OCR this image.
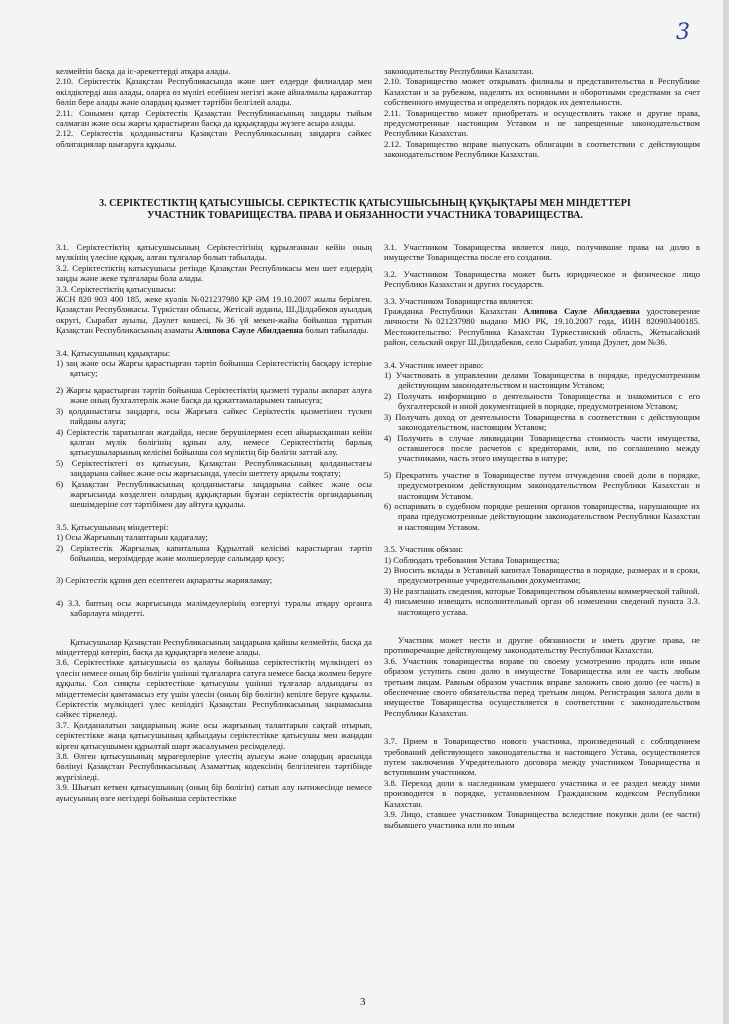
3

келмейтін басқа да іс-әрекеттерді атқара алады.

2.10. Серіктестік Қазақстан Республикасында және шет елдерде филиалдар мен өкілдіктерді аша алады, оларға өз мүлігі есебінен негізгі және айналмалы қаражаттар бөліп бере алады және олардың қызмет тәртібін белгілей алады.

2.11. Сонымен қатар Серіктестік Қазақстан Республикасының заңдары тыйым салмаған және осы жарғы қарастырған басқа да құқықтарды жүзеге асыра алады.

2.12. Серіктестік қолданыстағы Қазақстан Республикасының заңдарға сәйкес облигациялар шығаруға құқылы.

законодательству Республики Казахстан.

2.10. Товарищество может открывать филиалы и представительства в Республике Казахстан и за рубежом, наделять их основными и оборотными средствами за счет собственного имущества и определять порядок их деятельности.

2.11. Товарищество может приобретать и осуществлять также и другие права, предусмотренные настоящим Уставом и не запрещенные законодательством Республики Казахстан.

2.12. Товарищество вправе выпускать облигации в соответствии с действующим законодательством Республики Казахстан.

3. СЕРІКТЕСТІКТІҢ ҚАТЫСУШЫСЫ. СЕРІКТЕСТІК ҚАТЫСУШЫСЫНЫҢ ҚҰҚЫҚТАРЫ МЕН МІНДЕТТЕРІ
УЧАСТНИК ТОВАРИЩЕСТВА. ПРАВА И ОБЯЗАННОСТИ УЧАСТНИКА ТОВАРИЩЕСТВА.

3.1. Серіктестіктің қатысушысының Серіктестігінің құрылғаннан кейін оның мүлкінің үлесіне құқық, алған тұлғалар болып табылады.

3.2. Серіктестіктің катысушысы ретінде Қазақстан Республикасы мен шет елдердің заңды және жеке тұлғалары бола алады.

3.3. Серіктестіктің қатысушысы:

ЖСН 820 903 400 185, жеке куәлік №021237980 ҚР ӘМ 19.10.2007 жылы берілген. Қазақстан Республикасы. Түркістан облысы, Жетісай ауданы, Ш.Ділдәбеков ауылдық округі, Сырабат ауылы, Дәулет көшесі, №36 үй мекен-жайы бойынша тұратын Қазақстан Республикасының азаматы Алипова Сауле Абилдаевна болып табылады.

3.4. Қатысушының құқықтары:

1) заң және осы Жарғы қарастырған тәртіп бойынша Серіктестіктің басқару істеріне қатысу;

2) Жарғы қарастырған тәртіп бойынша Серіктестіктің қызметі туралы акпарат алуға және оның бухгалтерлік және басқа да құжаттамаларымен танысуға;

3) қолданыстағы заңдарға, осы Жарғыға сәйкес Серіктестік қызметінен түскен пайданы алуға;

4) Серіктестік таратылған жағдайда, несие берушілермен есеп айырысқаннан кейін қалған мүлік бөлігінің құнын алу, немесе Серіктестіктің барлық қатысушыларының келісімі бойынша сол мүліктің бір бөлігін заттай алу.

5) Серіктестіктегі өз қатысуын, Қазақстан Республикасының қолданыстағы заңдарына сәйкес және осы жарғысында, үлесін шеттету арқылы тоқтату;

6) Қазақстан Республикасының қолданыстағы заңдарына сәйкес және осы жарғысында көзделген олардың құқықтарын бұзған серіктестік органдарының шешімдеріне сот тәртібімен дау айтуға құқылы.

3.5. Қатысушының міндеттері:

1) Осы Жарғының талаптарын қадағалау;

2) Серіктестік Жарғылық капиталына Құрылтай келісімі карастырған тәртіп бойынша, мерзімдерде және мөлшерлерде салымдар қосу;

3) Серіктестік құпия деп есептеген ақпаратты жарияламау;

4) 3.3. баптың осы жарғысында мәлімдеулерінің өзгертуі туралы атқару органға хабарлауға міндетті.

Қатысушылар Қазақстан Республикасының заңдарына қайшы келмейтін, басқа да міндеттерді көтеріп, басқа да құқықтарға иелене алады.

3.6. Серіктестікке қатысушысы өз қалауы бойынша серіктестіктің мүлкіндегі өз үлесін немесе оның бір бөлігін үшінші тұлғаларға сатуға немесе басқа жолмен беруге құқылы. Сол сияқты серіктестікке қатысушы үшінші тұлғалар алдындағы өз міндеттемесін қамтамасыз ету үшін үлесін (оның бір бөлігін) кепілге беруге құқылы. Серіктестік мүлкіндегі үлес кепілдігі Қазақстан Республикасының заңнамасына сәйкес тіркеледі.

3.7. Қолданалатын заңдарының және осы жарғының талаптарын сақтай отырып, серіктестікке жаңа қатысушының қабылдауы серіктестікке қатысушы мен жаңадан кірген қатысушымен құрылтай шарт жасалуымен ресімделеді.

3.8. Өлген қатысушының мұрагерлеріне үлестің ауысуы және олардың арасында бөлінуі Қазақстан Республикасының Азаматтық кодексінің белгіленген тәртібінде жүргізіледі.

3.9. Шығып кеткен қатысушының (оның бір бөлігін) сатып алу нәтижесінде немесе ауысуының өзге негіздері бойынша серіктестікке

3.1. Участником Товарищества является лицо, получившие права на долю в имуществе Товарищества после его создания.

3.2. Участником Товарищества может быть юридическое и физическое лицо Республики Казахстан и других государств.

3.3. Участником Товарищества является:

Гражданка Республики Казахстан Алипова Сауле Абилдаевна удостоверение личности №021237980 выдано МЮ РК, 19.10.2007 года, ИИН 820903400185. Местожительство: Республика Казахстан Туркестанский область, Жетысайский район, сельский округ Ш.Дилдабеков, село Сырабат, улица Дэулет, дом №36.

3.4. Участник имеет право:

1) Участвовать в управлении делами Товарищества в порядке, предусмотренном действующим законодательством и настоящим Уставом;

2) Получать информацию о деятельности Товарищества и знакомиться с его бухгалтерской и иной документацией в порядке, предусмотренном Уставом;

3) Получать доход от деятельности Товарищества в соответствии с действующим законодательством, настоящим Уставом;

4) Получить в случае ликвидации Товарищества стоимость части имущества, оставшегося после расчетов с кредиторами, или, по соглашению между участниками, часть этого имущества в натуре;

5) Прекратить участие в Товариществе путем отчуждения своей доли в порядке, предусмотренном действующим законодательством Республики Казахстан и настоящим Уставом.

6) оспаривать в судебном порядке решения органов товарищества, нарушающие их права предусмотренные действующим законодательством Республики Казахстан и настоящим Уставом.

3.5. Участник обязан:

1) Соблюдать требования Устава Товарищества;

2) Вносить вклады в Уставный капитал Товарищества в порядке, размерах и в сроки, предусмотренные учредительными документами;

3) Не разглашать сведения, которые Товариществом объявлены коммерческой тайной.

4) письменно извещать исполнительный орган об изменении сведений пункта 3.3. настоящего устава.

Участник может нести и другие обязанности и иметь другие права, не противоречащие действующему законодательству Республики Казахстан.

3.6. Участник товарищества вправе по своему усмотрению продать или иным образом уступить свою долю в имуществе Товарищества или ее часть любым третьим лицам. Равным образом участник вправе заложить свою долю (ее часть) в обеспечение своего обязательства перед третьим лицом. Регистрация залога доли в имуществе Товарищества осуществляется в соответствии с законодательством Республики Казахстан.

3.7. Прием в Товарищество нового участника, произведенный с соблюдением требований действующего законодательства и настоящего Устава, осуществляется путем заключения Учредительного договора между участником Товарищества и вступившим участником.

3.8. Переход доли к наследникам умершего участника и ее раздел между ними производится в порядке, установленном Гражданским кодексом Республики Казахстан.

3.9. Лицо, ставшее участником Товарищества вследствие покупки доли (ее части) выбывшего участника или по иным

3
